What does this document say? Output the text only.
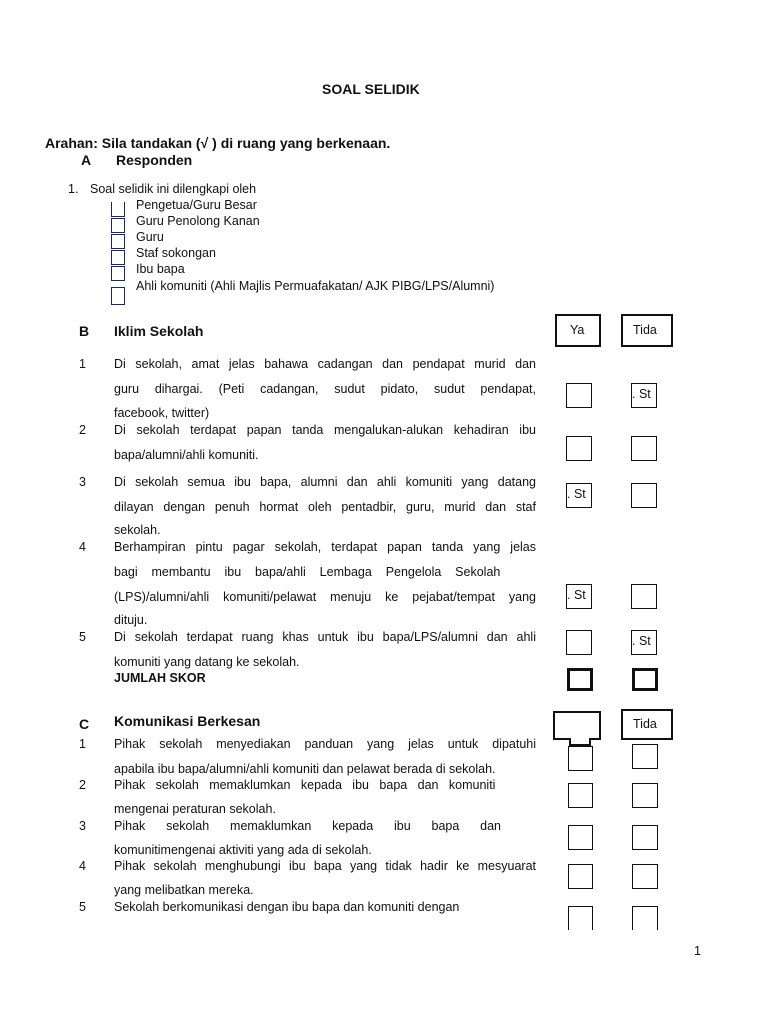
SOAL SELIDIK
Arahan: Sila tandakan (√ ) di ruang yang berkenaan.
A Responden
1. Soal selidik ini dilengkapi oleh
Pengetua/Guru Besar
Guru Penolong Kanan
Guru
Staf sokongan
Ibu bapa
Ahli komuniti (Ahli Majlis Permuafakatan/ AJK PIBG/LPS/Alumni)
B Iklim Sekolah	Ya	Tida
1 Di sekolah, amat jelas bahawa cadangan dan pendapat murid dan
guru dihargai. (Peti cadangan, sudut pidato, sudut pendapat,
facebook, twitter)
. St
2 Di sekolah terdapat papan tanda mengalukan-alukan kehadiran ibu
bapa/alumni/ahli komuniti.
3 Di sekolah semua ibu bapa, alumni dan ahli komuniti yang datang
dilayan dengan penuh hormat oleh pentadbir, guru, murid dan staf
sekolah.
. St
4 Berhampiran pintu pagar sekolah, terdapat papan tanda yang jelas
bagi    membantu    ibu    bapa/ahli    Lembaga    Pengelola    Sekolah
(LPS)/alumni/ahli komuniti/pelawat menuju ke pejabat/tempat yang
dituju.
. St
5 Di sekolah terdapat ruang khas untuk ibu bapa/LPS/alumni dan ahli
komuniti yang datang ke sekolah.
. St
JUMLAH SKOR
C Komunikasi Berkesan	Tida
1 Pihak sekolah menyediakan panduan yang jelas untuk dipatuhi
apabila ibu bapa/alumni/ahli komuniti dan pelawat berada di sekolah.
2 Pihak   sekolah   memaklumkan   kepada   ibu   bapa   dan   komuniti
mengenai peraturan sekolah.
3 Pihak      sekolah      memaklumkan      kepada      ibu      bapa      dan
komunitimengenai aktiviti yang ada di sekolah.
4 Pihak sekolah menghubungi ibu bapa yang tidak hadir ke mesyuarat
yang melibatkan mereka.
5 Sekolah berkomunikasi dengan ibu bapa dan komuniti dengan
1
